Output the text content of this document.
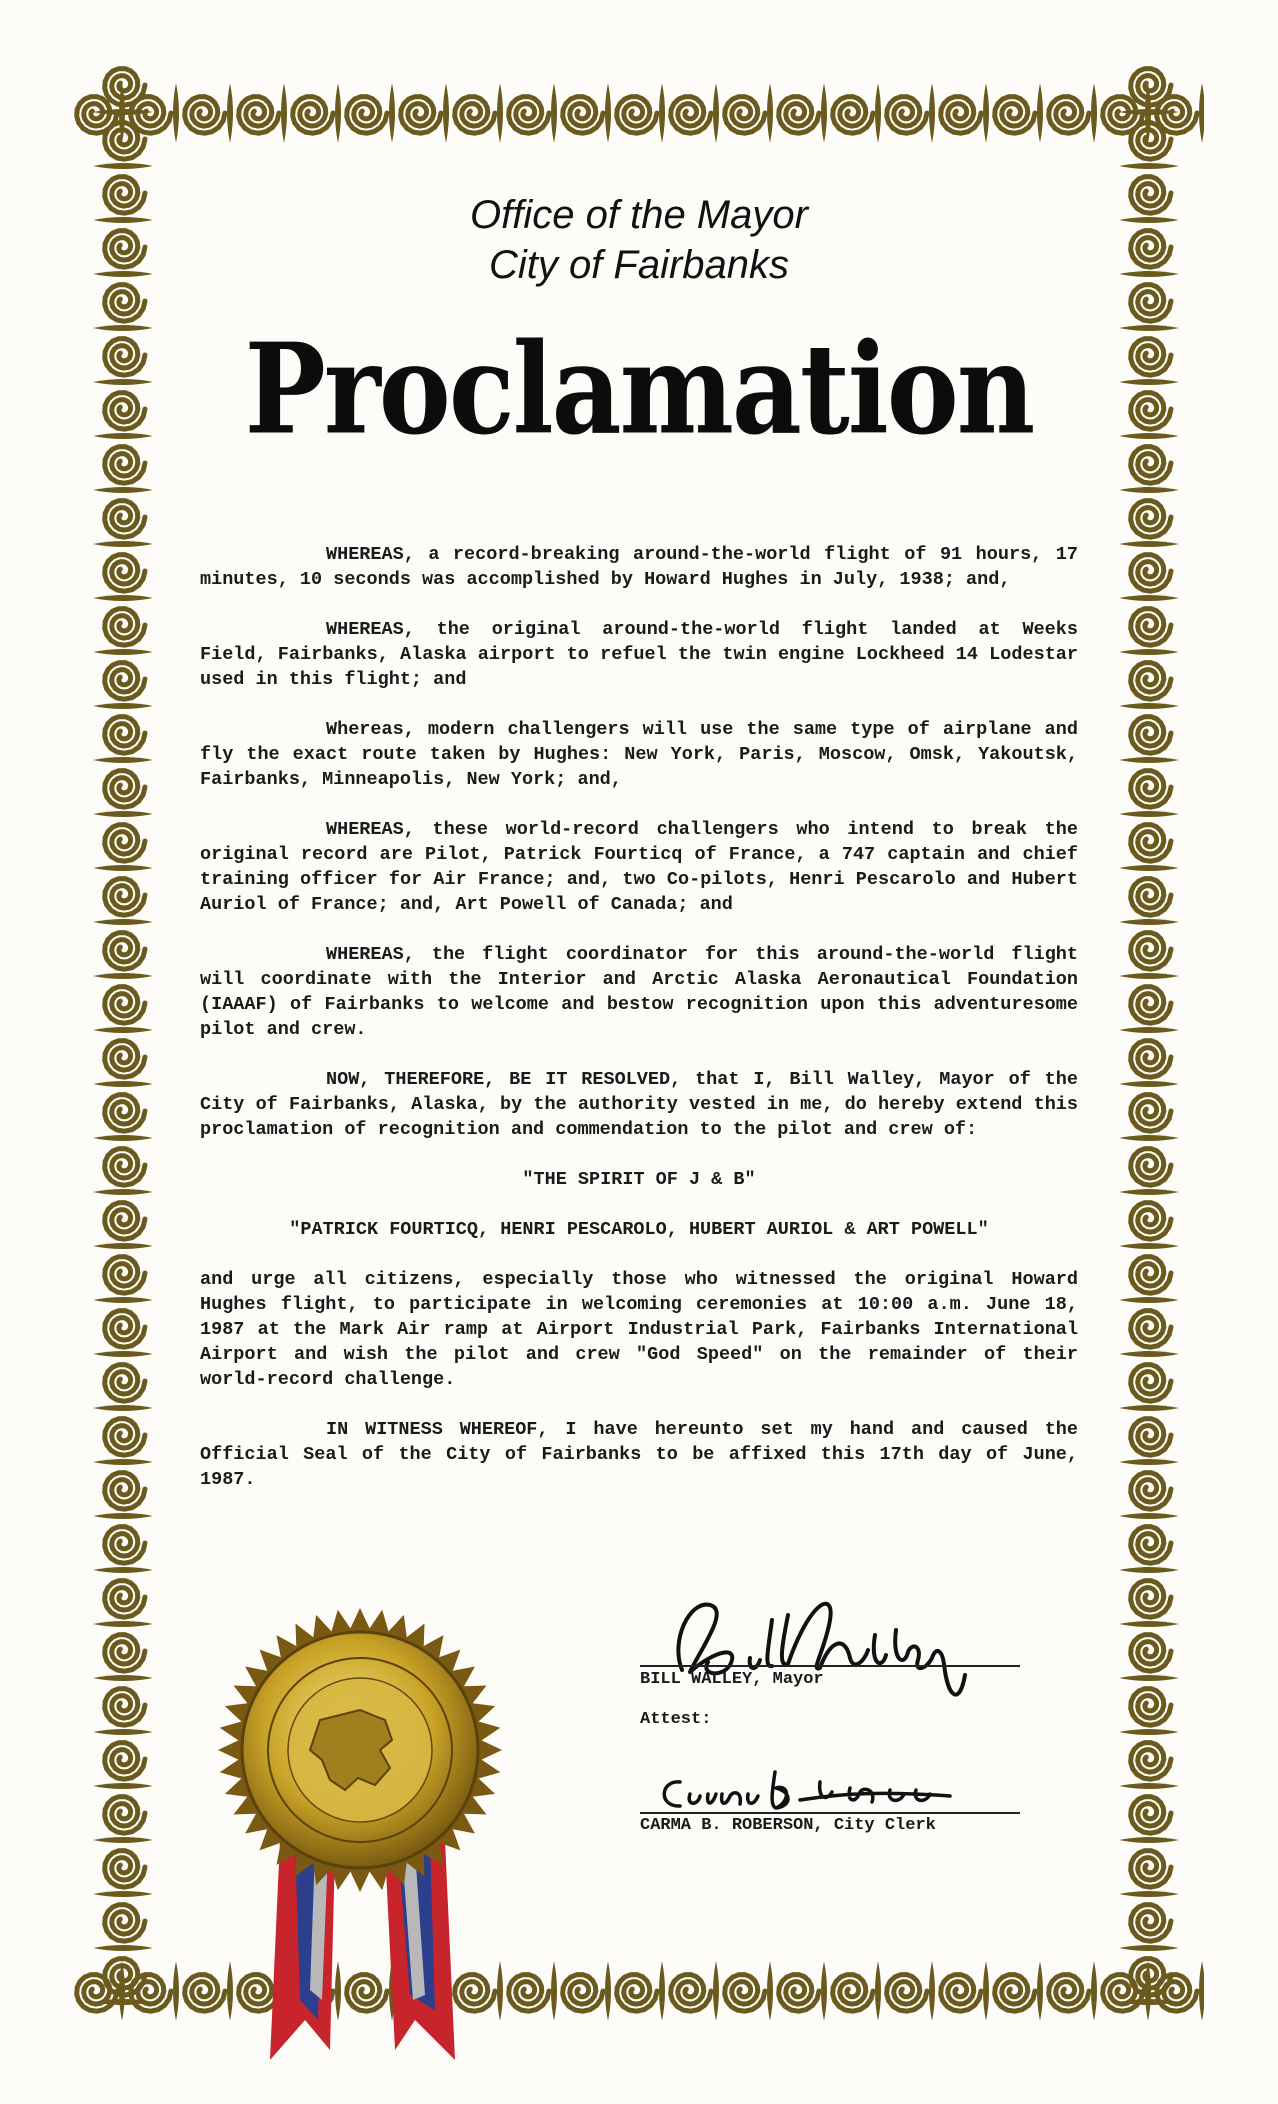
Office of the Mayor
City of Fairbanks
Proclamation

WHEREAS, a record-breaking around-the-world flight of 91 hours, 17 minutes, 10 seconds was accomplished by Howard Hughes in July, 1938; and,

WHEREAS, the original around-the-world flight landed at Weeks Field, Fairbanks, Alaska airport to refuel the twin engine Lockheed 14 Lodestar used in this flight; and

Whereas, modern challengers will use the same type of airplane and fly the exact route taken by Hughes: New York, Paris, Moscow, Omsk, Yakoutsk, Fairbanks, Minneapolis, New York; and,

WHEREAS, these world-record challengers who intend to break the original record are Pilot, Patrick Fourticq of France, a 747 captain and chief training officer for Air France; and, two Co-pilots, Henri Pescarolo and Hubert Auriol of France; and, Art Powell of Canada; and

WHEREAS, the flight coordinator for this around-the-world flight will coordinate with the Interior and Arctic Alaska Aeronautical Foundation (IAAAF) of Fairbanks to welcome and bestow recognition upon this adventuresome pilot and crew.

NOW, THEREFORE, BE IT RESOLVED, that I, Bill Walley, Mayor of the City of Fairbanks, Alaska, by the authority vested in me, do hereby extend this proclamation of recognition and commendation to the pilot and crew of:

"THE SPIRIT OF J & B"
"PATRICK FOURTICQ, HENRI PESCAROLO, HUBERT AURIOL & ART POWELL"

and urge all citizens, especially those who witnessed the original Howard Hughes flight, to participate in welcoming ceremonies at 10:00 a.m. June 18, 1987 at the Mark Air ramp at Airport Industrial Park, Fairbanks International Airport and wish the pilot and crew "God Speed" on the remainder of their world-record challenge.

IN WITNESS WHEREOF, I have hereunto set my hand and caused the Official Seal of the City of Fairbanks to be affixed this 17th day of June, 1987.

BILL WALLEY, Mayor
Attest:
CARMA B. ROBERSON, City Clerk
